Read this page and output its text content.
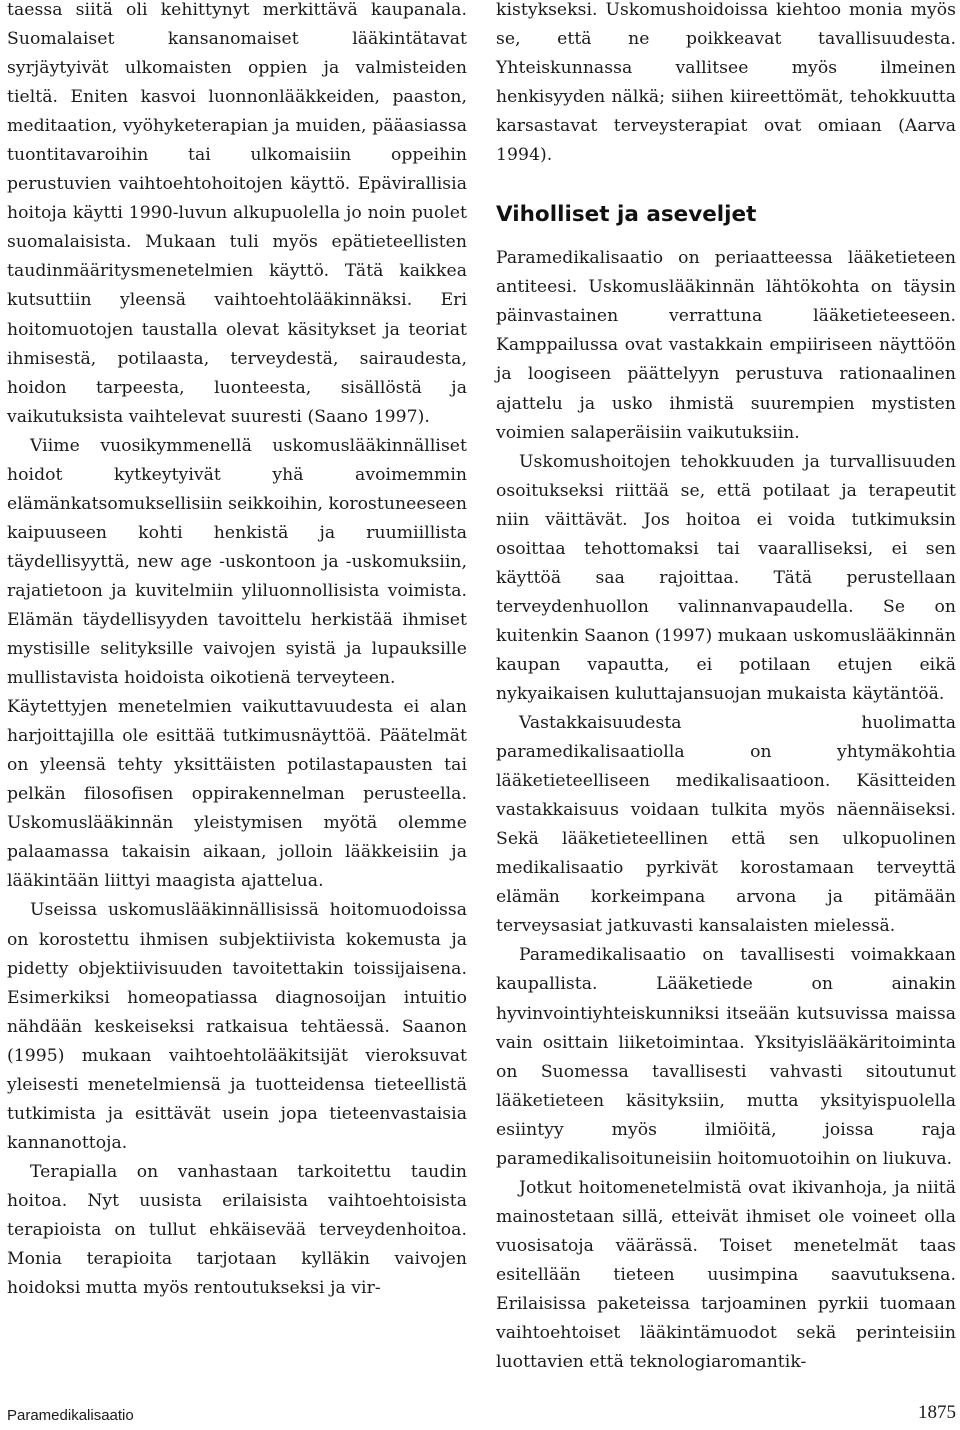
taessa siitä oli kehittynyt merkittävä kaupanala. Suomalaiset kansanomaiset lääkintätavat syrjäytyivät ulkomaisten oppien ja valmisteiden tieltä. Eniten kasvoi luonnonlääkkeiden, paaston, meditaation, vyöhyketerapian ja muiden, pääasiassa tuontitavaroihin tai ulkomaisiin oppeihin perustuvien vaihtoehtohoitojen käyttö. Epävirallisia hoitoja käytti 1990-luvun alkupuolella jo noin puolet suomalaisista. Mukaan tuli myös epätieteellisten taudinmääritysmenetelmien käyttö. Tätä kaikkea kutsuttiin yleensä vaihtoehtolääkinnäksi. Eri hoitomuotojen taustalla olevat käsitykset ja teoriat ihmisestä, potilaasta, terveydestä, sairaudesta, hoidon tarpeesta, luonteesta, sisällöstä ja vaikutuksista vaihtelevat suuresti (Saano 1997).

Viime vuosikymmenellä uskomuslääkinnälliset hoidot kytkeytyivät yhä avoimemmin elämänkatsomuksellisiin seikkoihin, korostuneeseen kaipuuseen kohti henkistä ja ruumiillista täydellisyyttä, new age -uskontoon ja -uskomuksiin, rajatietoon ja kuvitelmiin yliluonnollisista voimista. Elämän täydellisyyden tavoittelu herkistää ihmiset mystisille selityksille vaivojen syistä ja lupauksille mullistavista hoidoista oikotienä terveyteen.

Käytettyjen menetelmien vaikuttavuudesta ei alan harjoittajilla ole esittää tutkimusnäyttöä. Päätelmät on yleensä tehty yksittäisten potilastapausten tai pelkän filosofisen oppirakennelman perusteella. Uskomuslääkinnän yleistymisen myötä olemme palaamassa takaisin aikaan, jolloin lääkkeisiin ja lääkintään liittyi maagista ajattelua.

Useissa uskomuslääkinnällisissä hoitomuodoissa on korostettu ihmisen subjektiivista kokemusta ja pidetty objektiivisuuden tavoitettakin toissijaisena. Esimerkiksi homeopatiassa diagnosoijan intuitio nähdään keskeiseksi ratkaisua tehtäessä. Saanon (1995) mukaan vaihtoehtolääkitsijät vieroksuvat yleisesti menetelmiensä ja tuotteidensa tieteellistä tutkimista ja esittävät usein jopa tieteenvastaisia kannanottoja.

Terapialla on vanhastaan tarkoitettu taudin hoitoa. Nyt uusista erilaisista vaihtoehtoisista terapioista on tullut ehkäisevää terveydenhoitoa. Monia terapioita tarjotaan kylläkin vaivojen hoidoksi mutta myös rentoutukseksi ja vir-

kistykseksi. Uskomushoidoissa kiehtoo monia myös se, että ne poikkeavat tavallisuudesta. Yhteiskunnassa vallitsee myös ilmeinen henkisyyden nälkä; siihen kiireettömät, tehokkuutta karsastavat terveysterapiat ovat omiaan (Aarva 1994).

Viholliset ja aseveljet

Paramedikalisaatio on periaatteessa lääketieteen antiteesi. Uskomuslääkinnän lähtökohta on täysin päinvastainen verrattuna lääketieteeseen. Kamppailussa ovat vastakkain empiiriseen näyttöön ja loogiseen päättelyyn perustuva rationaalinen ajattelu ja usko ihmistä suurempien mystisten voimien salaperäisiin vaikutuksiin.

Uskomushoitojen tehokkuuden ja turvallisuuden osoitukseksi riittää se, että potilaat ja terapeutit niin väittävät. Jos hoitoa ei voida tutkimuksin osoittaa tehottomaksi tai vaaralliseksi, ei sen käyttöä saa rajoittaa. Tätä perustellaan terveydenhuollon valinnanvapaudella. Se on kuitenkin Saanon (1997) mukaan uskomuslääkinnän kaupan vapautta, ei potilaan etujen eikä nykyaikaisen kuluttajansuojan mukaista käytäntöä.

Vastakkaisuudesta huolimatta paramedikalisaatiolla on yhtymäkohtia lääketieteelliseen medikalisaatioon. Käsitteiden vastakkaisuus voidaan tulkita myös näennäiseksi. Sekä lääketieteellinen että sen ulkopuolinen medikalisaatio pyrkivät korostamaan terveyttä elämän korkeimpana arvona ja pitämään terveysasiat jatkuvasti kansalaisten mielessä.

Paramedikalisaatio on tavallisesti voimakkaan kaupallista. Lääketiede on ainakin hyvinvointiyhteiskunniksi itseään kutsuvissa maissa vain osittain liiketoimintaa. Yksityislääkäritoiminta on Suomessa tavallisesti vahvasti sitoutunut lääketieteen käsityksiin, mutta yksityispuolella esiintyy myös ilmiöitä, joissa raja paramedikalisoituneisiin hoitomuotoihin on liukuva.

Jotkut hoitomenetelmistä ovat ikivanhoja, ja niitä mainostetaan sillä, etteivät ihmiset ole voineet olla vuosisatoja väärässä. Toiset menetelmät taas esitellään tieteen uusimpina saavutuksena. Erilaisissa paketeissa tarjoaminen pyrkii tuomaan vaihtoehtoiset lääkintämuodot sekä perinteisiin luottavien että teknologiaromantik-

Paramedikalisaatio	1875
